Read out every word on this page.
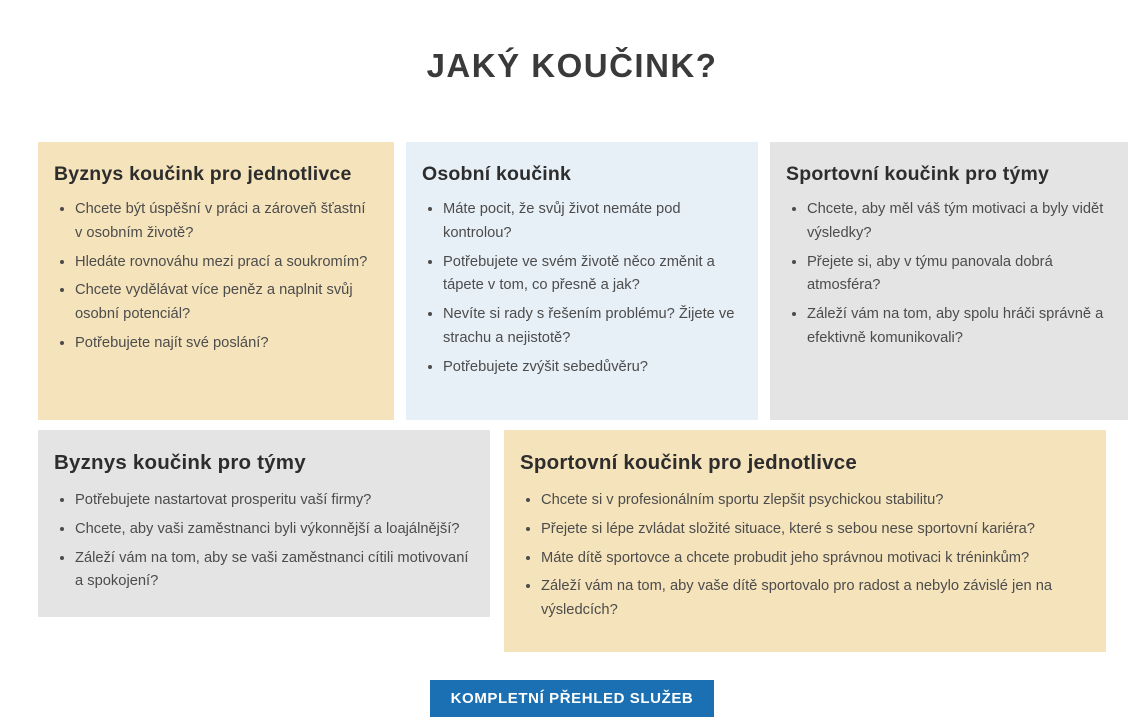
JAKÝ KOUČINK?
Byznys koučink pro jednotlivce
• Chcete být úspěšní v práci a zároveň šťastní v osobním životě?
• Hledáte rovnováhu mezi prací a soukromím?
• Chcete vydělávat více peněz a naplnit svůj osobní potenciál?
• Potřebujete najít své poslání?
Osobní koučink
• Máte pocit, že svůj život nemáte pod kontrolou?
• Potřebujete ve svém životě něco změnit a tápete v tom, co přesně a jak?
• Nevíte si rady s řešením problému? Žijete ve strachu a nejistotě?
• Potřebujete zvýšit sebedůvěru?
Sportovní koučink pro týmy
• Chcete, aby měl váš tým motivaci a byly vidět výsledky?
• Přejete si, aby v týmu panovala dobrá atmosféra?
• Záleží vám na tom, aby spolu hráči správně a efektivně komunikovali?
Byznys koučink pro týmy
• Potřebujete nastartovat prosperitu vaší firmy?
• Chcete, aby vaši zaměstnanci byli výkonnější a loajálnější?
• Záleží vám na tom, aby se vaši zaměstnanci cítili motivovaní a spokojení?
Sportovní koučink pro jednotlivce
• Chcete si v profesionálním sportu zlepšit psychickou stabilitu?
• Přejete si lépe zvládat složité situace, které s sebou nese sportovní kariéra?
• Máte dítě sportovce a chcete probudit jeho správnou motivaci k tréninkům?
• Záleží vám na tom, aby vaše dítě sportovalo pro radost a nebylo závislé jen na výsledcích?
KOMPLETNÍ PŘEHLED SLUŽEB
